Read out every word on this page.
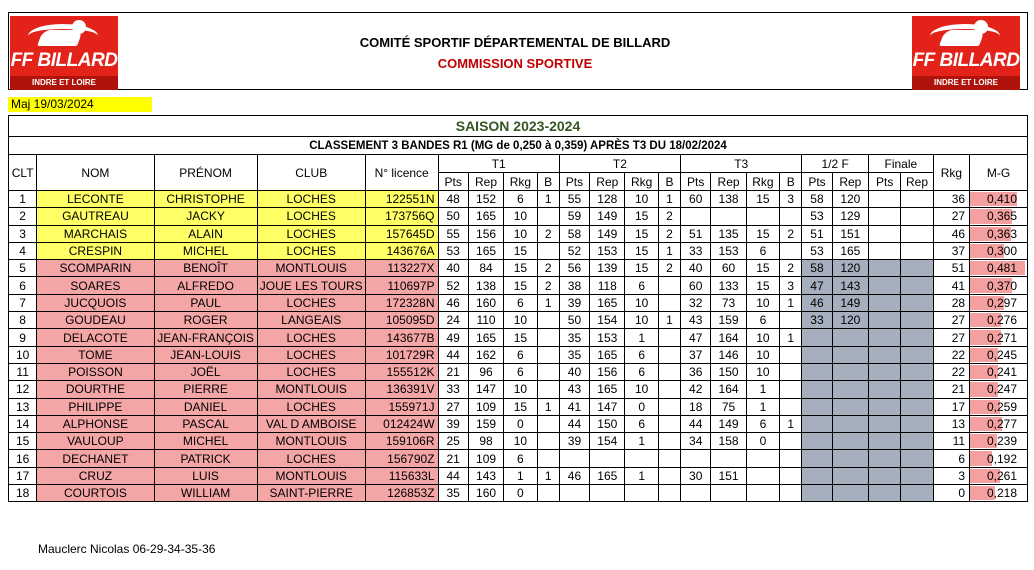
FF BILLARD
INDRE ET LOIRE
COMITÉ SPORTIF DÉPARTEMENTAL DE BILLARD
COMMISSION SPORTIVE	FF BILLARD
INDRE ET LOIRE
Maj 19/03/2024
SAISON 2023-2024																						
CLASSEMENT 3 BANDES R1 (MG de 0,250 à 0,359) APRÈS T3 DU 18/02/2024																						
CLT	NOM	PRÉNOM	CLUB	N° licence	T1				T2				T3				1/2 F		Finale		Rkg	M-G
					Pts	Rep	Rkg	B	Pts	Rep	Rkg	B	Pts	Rep	Rkg	B	Pts	Rep	Pts	Rep		
1	LECONTE	CHRISTOPHE	LOCHES	122551N	48	152	6	1	55	128	10	1	60	138	15	3	58	120			36	0,410
2	GAUTREAU	JACKY	LOCHES	173756Q	50	165	10		59	149	15	2					53	129			27	0,365
3	MARCHAIS	ALAIN	LOCHES	157645D	55	156	10	2	58	149	15	2	51	135	15	2	51	151			46	0,363
4	CRESPIN	MICHEL	LOCHES	143676A	53	165	15		52	153	15	1	33	153	6		53	165			37	0,300
5	SCOMPARIN	BENOÎT	MONTLOUIS	113227X	40	84	15	2	56	139	15	2	40	60	15	2	58	120			51	0,481
6	SOARES	ALFREDO	JOUE LES TOURS	110697P	52	138	15	2	38	118	6		60	133	15	3	47	143			41	0,370
7	JUCQUOIS	PAUL	LOCHES	172328N	46	160	6	1	39	165	10		32	73	10	1	46	149			28	0,297
8	GOUDEAU	ROGER	LANGEAIS	105095D	24	110	10		50	154	10	1	43	159	6		33	120			27	0,276
9	DELACOTE	JEAN-FRANÇOIS	LOCHES	143677B	49	165	15		35	153	1		47	164	10	1					27	0,271
10	TOME	JEAN-LOUIS	LOCHES	101729R	44	162	6		35	165	6		37	146	10						22	0,245
11	POISSON	JOËL	LOCHES	155512K	21	96	6		40	156	6		36	150	10						22	0,241
12	DOURTHE	PIERRE	MONTLOUIS	136391V	33	147	10		43	165	10		42	164	1						21	0,247
13	PHILIPPE	DANIEL	LOCHES	155971J	27	109	15	1	41	147	0		18	75	1						17	0,259
14	ALPHONSE	PASCAL	VAL D AMBOISE	012424W	39	159	0		44	150	6		44	149	6	1					13	0,277
15	VAULOUP	MICHEL	MONTLOUIS	159106R	25	98	10		39	154	1		34	158	0						11	0,239
16	DECHANET	PATRICK	LOCHES	156790Z	21	109	6														6	0,192
17	CRUZ	LUIS	MONTLOUIS	115633L	44	143	1	1	46	165	1		30	151							3	0,261
18	COURTOIS	WILLIAM	SAINT-PIERRE	126853Z	35	160	0														0	0,218
Mauclerc Nicolas 06-29-34-35-36
